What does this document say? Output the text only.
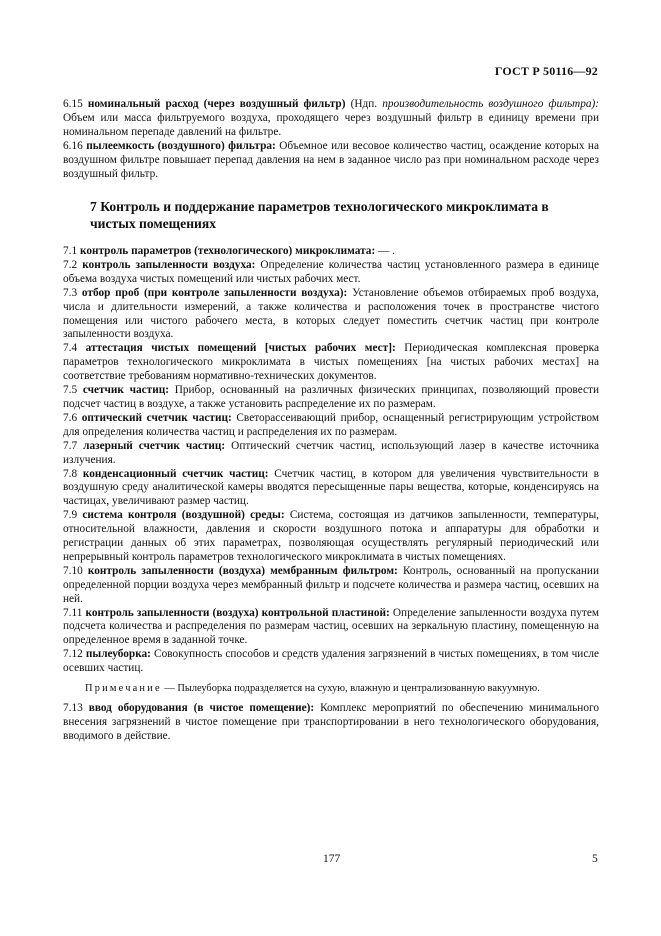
ГОСТ Р 50116—92

6.15 номинальный расход (через воздушный фильтр) (Ндп. производительность воздушного фильтра): Объем или масса фильтруемого воздуха, проходящего через воздушный фильтр в единицу времени при номинальном перепаде давлений на фильтре.

6.16 пылеемкость (воздушного) фильтра: Объемное или весовое количество частиц, осаждение которых на воздушном фильтре повышает перепад давления на нем в заданное число раз при номинальном расходе через воздушный фильтр.

7 Контроль и поддержание параметров технологического микроклимата в чистых помещениях

7.1 контроль параметров (технологического) микроклимата: — .

7.2 контроль запыленности воздуха: Определение количества частиц установленного размера в единице объема воздуха чистых помещений или чистых рабочих мест.

7.3 отбор проб (при контроле запыленности воздуха): Установление объемов отбираемых проб воздуха, числа и длительности измерений, а также количества и расположения точек в пространстве чистого помещения или чистого рабочего места, в которых следует поместить счетчик частиц при контроле запыленности воздуха.

7.4 аттестация чистых помещений [чистых рабочих мест]: Периодическая комплексная проверка параметров технологического микроклимата в чистых помещениях [на чистых рабочих местах] на соответствие требованиям нормативно-технических документов.

7.5 счетчик частиц: Прибор, основанный на различных физических принципах, позволяющий провести подсчет частиц в воздухе, а также установить распределение их по размерам.

7.6 оптический счетчик частиц: Светорассеивающий прибор, оснащенный регистрирующим устройством для определения количества частиц и распределения их по размерам.

7.7 лазерный счетчик частиц: Оптический счетчик частиц, использующий лазер в качестве источника излучения.

7.8 конденсационный счетчик частиц: Счетчик частиц, в котором для увеличения чувствительности в воздушную среду аналитической камеры вводятся пересыщенные пары вещества, которые, конденсируясь на частицах, увеличивают размер частиц.

7.9 система контроля (воздушной) среды: Система, состоящая из датчиков запыленности, температуры, относительной влажности, давления и скорости воздушного потока и аппаратуры для обработки и регистрации данных об этих параметрах, позволяющая осуществлять регулярный периодический или непрерывный контроль параметров технологического микроклимата в чистых помещениях.

7.10 контроль запыленности (воздуха) мембранным фильтром: Контроль, основанный на пропускании определенной порции воздуха через мембранный фильтр и подсчете количества и размера частиц, осевших на ней.

7.11 контроль запыленности (воздуха) контрольной пластиной: Определение запыленности воздуха путем подсчета количества и распределения по размерам частиц, осевших на зеркальную пластину, помещенную на определенное время в заданной точке.

7.12 пылеуборка: Совокупность способов и средств удаления загрязнений в чистых помещениях, в том числе осевших частиц.

Примечание — Пылеуборка подразделяется на сухую, влажную и централизованную вакуумную.

7.13 ввод оборудования (в чистое помещение): Комплекс мероприятий по обеспечению минимального внесения загрязнений в чистое помещение при транспортировании в него технологического оборудования, вводимого в действие.

177	5
